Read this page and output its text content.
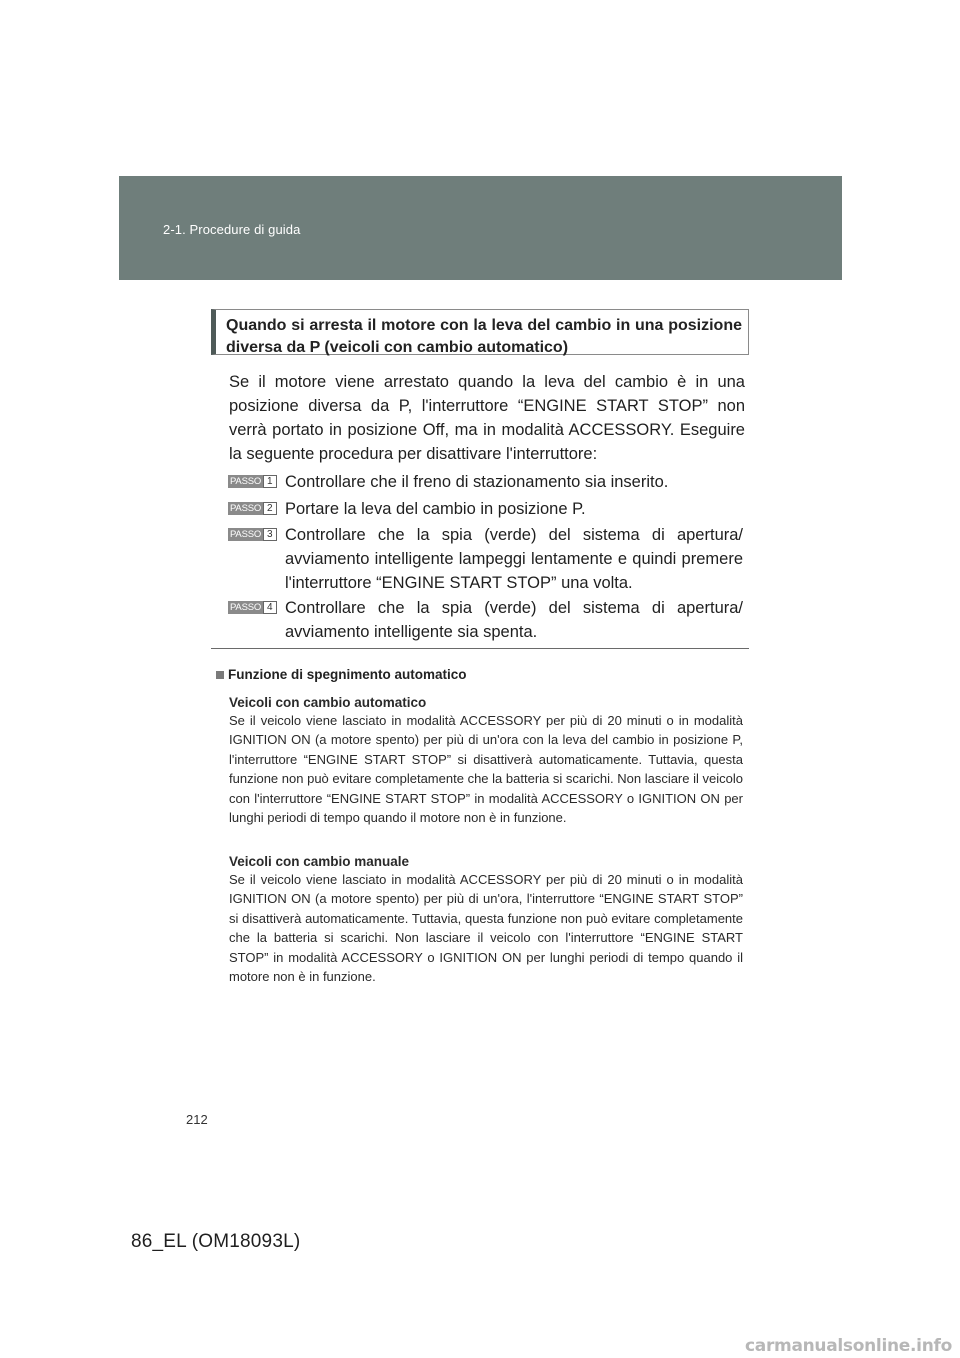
2-1. Procedure di guida
Quando si arresta il motore con la leva del cambio in una posizione diversa da P (veicoli con cambio automatico)
Se il motore viene arrestato quando la leva del cambio è in una posizione diversa da P, l'interruttore “ENGINE START STOP” non verrà portato in posizione Off, ma in modalità ACCESSORY. Eseguire la seguente procedura per disattivare l'interruttore:
PASSO 1 Controllare che il freno di stazionamento sia inserito.
PASSO 2 Portare la leva del cambio in posizione P.
PASSO 3 Controllare che la spia (verde) del sistema di apertura/ avviamento intelligente lampeggi lentamente e quindi premere l'interruttore “ENGINE START STOP” una volta.
PASSO 4 Controllare che la spia (verde) del sistema di apertura/ avviamento intelligente sia spenta.
Funzione di spegnimento automatico
Veicoli con cambio automatico
Se il veicolo viene lasciato in modalità ACCESSORY per più di 20 minuti o in modalità IGNITION ON (a motore spento) per più di un'ora con la leva del cambio in posizione P, l'interruttore “ENGINE START STOP” si disattiverà automaticamente. Tuttavia, questa funzione non può evitare completamente che la batteria si scarichi. Non lasciare il veicolo con l'interruttore “ENGINE START STOP” in modalità ACCESSORY o IGNITION ON per lunghi periodi di tempo quando il motore non è in funzione.
Veicoli con cambio manuale
Se il veicolo viene lasciato in modalità ACCESSORY per più di 20 minuti o in modalità IGNITION ON (a motore spento) per più di un'ora, l'interruttore “ENGINE START STOP” si disattiverà automaticamente. Tuttavia, questa funzione non può evitare completamente che la batteria si scarichi. Non lasciare il veicolo con l'interruttore “ENGINE START STOP” in modalità ACCESSORY o IGNITION ON per lunghi periodi di tempo quando il motore non è in funzione.
212
86_EL (OM18093L)
carmanualsonline.info
